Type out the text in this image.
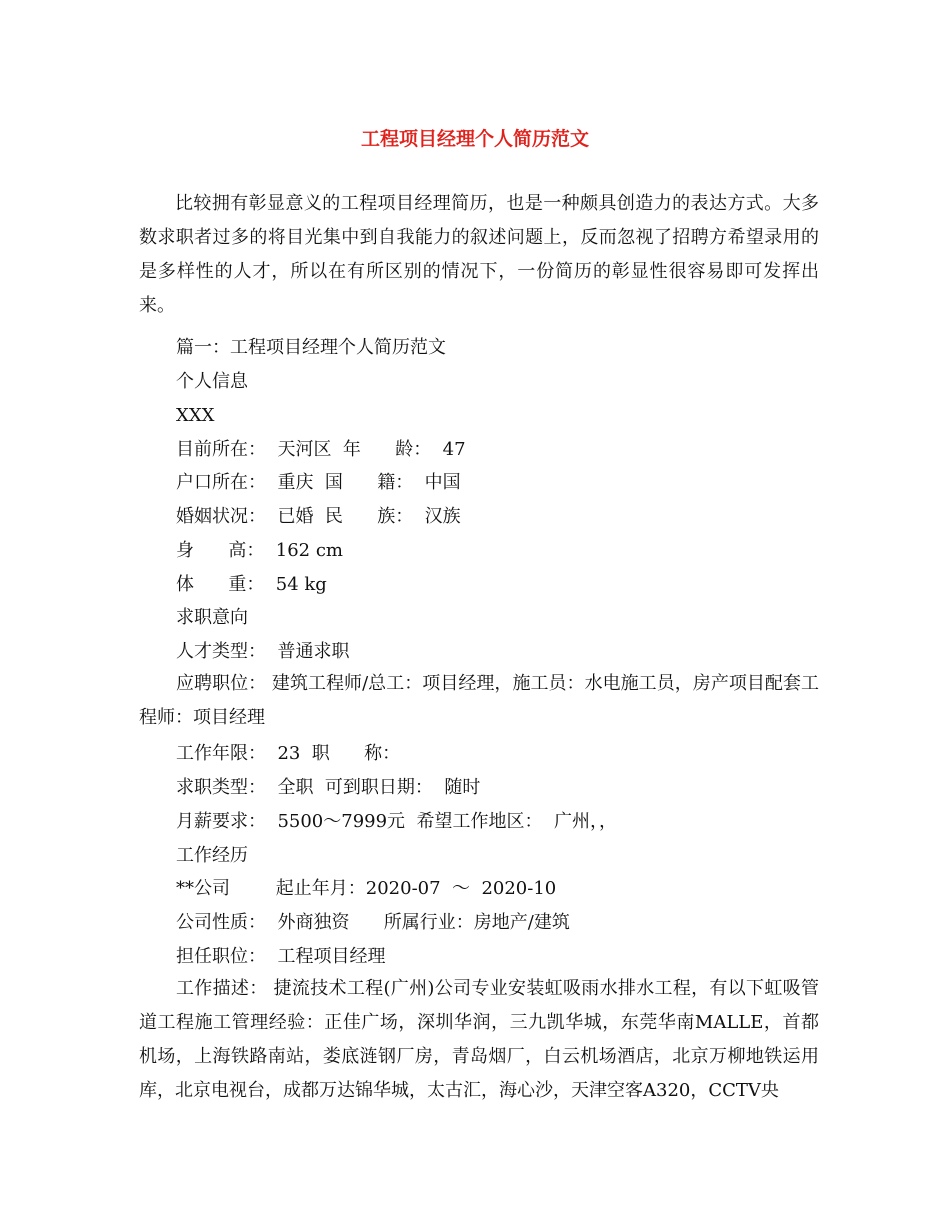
工程项目经理个人简历范文
比较拥有彰显意义的工程项目经理简历，也是一种颇具创造力的表达方式。大多数求职者过多的将目光集中到自我能力的叙述问题上，反而忽视了招聘方希望录用的是多样性的人才，所以在有所区别的情况下，一份简历的彰显性很容易即可发挥出来。
篇一：工程项目经理个人简历范文
个人信息
XXX
目前所在：  天河区  年      龄：  47
户口所在：  重庆  国      籍：  中国
婚姻状况：  已婚  民      族：  汉族
身      高：  162 cm
体      重：  54 kg
求职意向
人才类型：  普通求职
应聘职位： 建筑工程师/总工：项目经理，施工员：水电施工员，房产项目配套工程师：项目经理
工作年限：  23  职      称：
求职类型：  全职  可到职日期：  随时
月薪要求：  5500～7999元  希望工作地区：  广州，，
工作经历
**公司        起止年月：2020-07  ～  2020-10
公司性质：  外商独资      所属行业：房地产/建筑
担任职位：  工程项目经理
工作描述： 捷流技术工程(广州)公司专业安装虹吸雨水排水工程，有以下虹吸管道工程施工管理经验：正佳广场，深圳华润，三九凯华城，东莞华南MALLE，首都机场，上海铁路南站，娄底涟钢厂房，青岛烟厂，白云机场酒店，北京万柳地铁运用库，北京电视台，成都万达锦华城，太古汇，海心沙，天津空客A320，CCTV央
